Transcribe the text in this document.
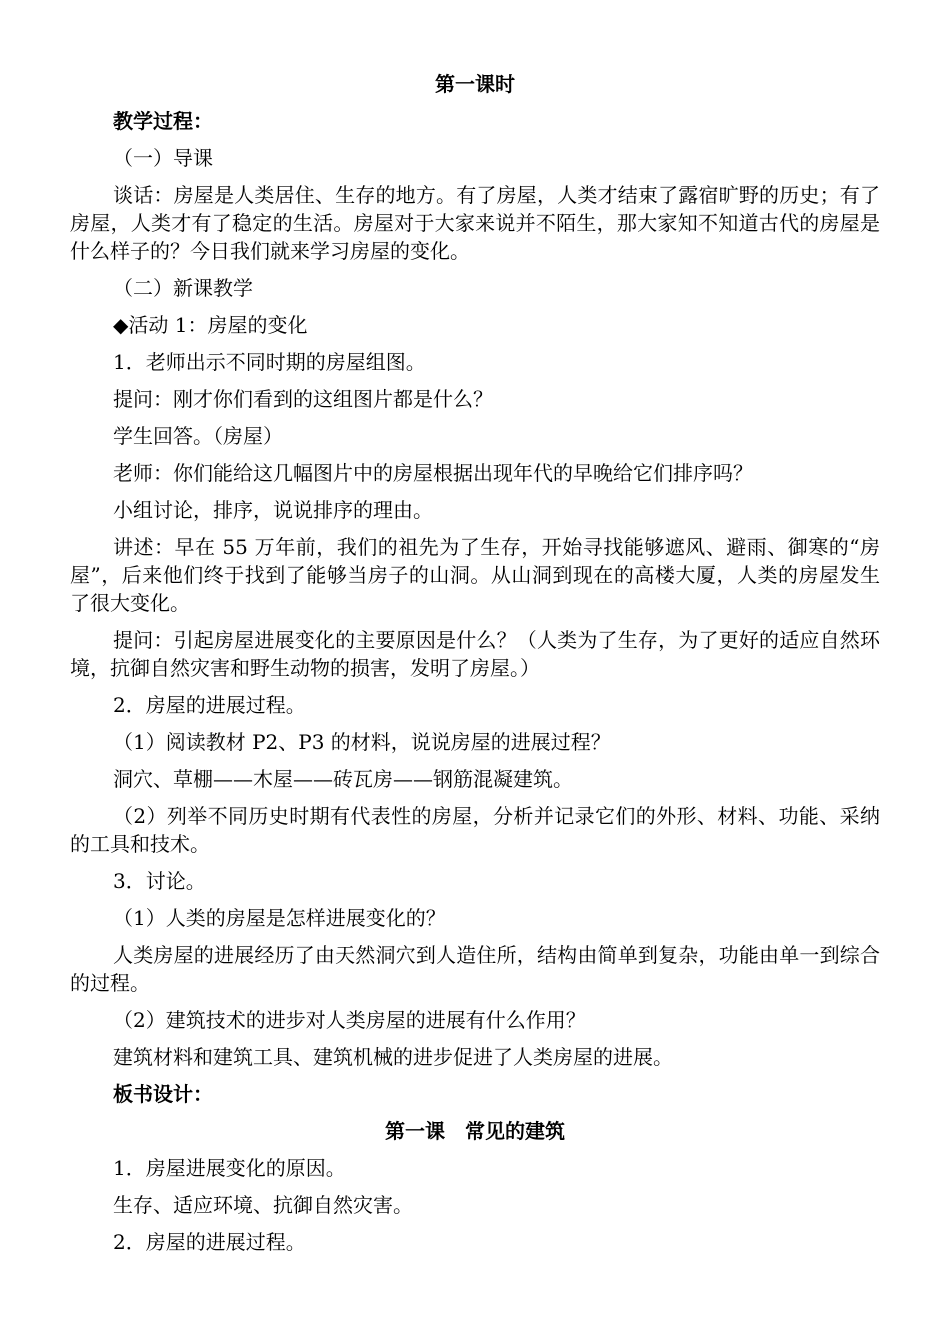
第一课时
教学过程：
（一）导课
谈话：房屋是人类居住、生存的地方。有了房屋，人类才结束了露宿旷野的历史；有了房屋，人类才有了稳定的生活。房屋对于大家来说并不陌生，那大家知不知道古代的房屋是什么样子的？今日我们就来学习房屋的变化。
（二）新课教学
◆活动 1：房屋的变化
1．老师出示不同时期的房屋组图。
提问：刚才你们看到的这组图片都是什么？
学生回答。（房屋）
老师：你们能给这几幅图片中的房屋根据出现年代的早晚给它们排序吗？
小组讨论，排序，说说排序的理由。
讲述：早在 55 万年前，我们的祖先为了生存，开始寻找能够遮风、避雨、御寒的“房屋”，后来他们终于找到了能够当房子的山洞。从山洞到现在的高楼大厦，人类的房屋发生了很大变化。
提问：引起房屋进展变化的主要原因是什么？（人类为了生存，为了更好的适应自然环境，抗御自然灾害和野生动物的损害，发明了房屋。）
2．房屋的进展过程。
（1）阅读教材 P2、P3 的材料，说说房屋的进展过程？
洞穴、草棚——木屋——砖瓦房——钢筋混凝建筑。
（2）列举不同历史时期有代表性的房屋，分析并记录它们的外形、材料、功能、采纳的工具和技术。
3．讨论。
（1）人类的房屋是怎样进展变化的？
人类房屋的进展经历了由天然洞穴到人造住所，结构由简单到复杂，功能由单一到综合的过程。
（2）建筑技术的进步对人类房屋的进展有什么作用？
建筑材料和建筑工具、建筑机械的进步促进了人类房屋的进展。
板书设计：
第一课　常见的建筑
1．房屋进展变化的原因。
生存、适应环境、抗御自然灾害。
2．房屋的进展过程。
